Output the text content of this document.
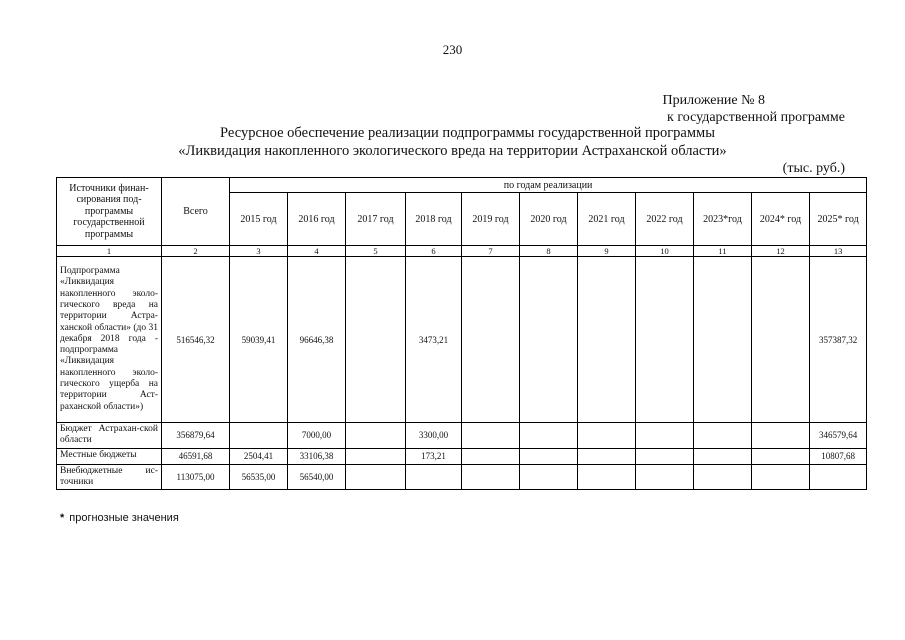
230
Приложение № 8
к государственной программе
Ресурсное обеспечение реализации подпрограммы государственной программы
«Ликвидация накопленного экологического вреда на территории Астраханской области»
(тыс. руб.)
Источники финан-сирования под-программы государственной программы	Всего	по годам реализации										
		2015 год	2016 год	2017 год	2018 год	2019 год	2020 год	2021 год	2022 год	2023*год	2024* год	2025* год
1	2	3	4	5	6	7	8	9	10	11	12	13
Подпрограмма «Ликвидация накопленного эколо-гического вреда на территории Астра-ханской области» (до 31 декабря 2018 года - подпрограмма «Ликвидация накопленного эколо-гического ущерба на территории Аст-раханской области»)	516546,32	59039,41	96646,38		3473,21							357387,32
Бюджет Астрахан-ской области	356879,64		7000,00		3300,00							346579,64
Местные бюджеты	46591,68	2504,41	33106,38		173,21							10807,68
Внебюджетные ис-точники	113075,00	56535,00	56540,00									
* прогнозные значения
